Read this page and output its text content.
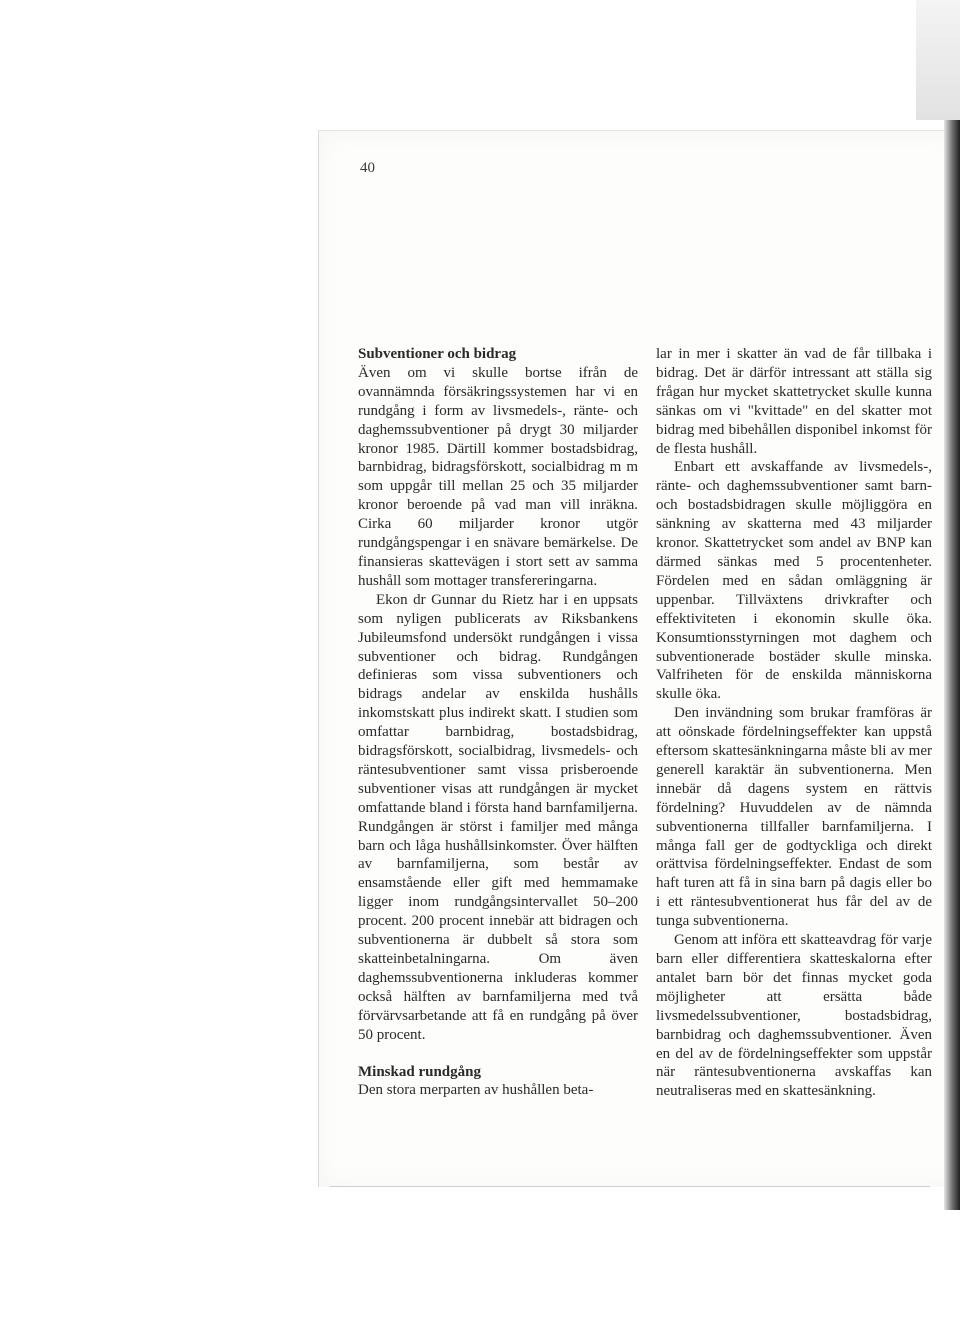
40

Subventioner och bidrag

Även om vi skulle bortse ifrån de ovannämnda försäkringssystemen har vi en rundgång i form av livsmedels-, ränte- och daghemssubventioner på drygt 30 miljarder kronor 1985. Därtill kommer bostadsbidrag, barnbidrag, bidragsförskott, socialbidrag m m som uppgår till mellan 25 och 35 miljarder kronor beroende på vad man vill inräkna. Cirka 60 miljarder kronor utgör rundgångspengar i en snävare bemärkelse. De finansieras skattevägen i stort sett av samma hushåll som mottager transfereringarna.

Ekon dr Gunnar du Rietz har i en uppsats som nyligen publicerats av Riksbankens Jubileumsfond undersökt rundgången i vissa subventioner och bidrag. Rundgången definieras som vissa subventioners och bidrags andelar av enskilda hushålls inkomstskatt plus indirekt skatt. I studien som omfattar barnbidrag, bostadsbidrag, bidragsförskott, socialbidrag, livsmedels- och räntesubventioner samt vissa prisberoende subventioner visas att rundgången är mycket omfattande bland i första hand barnfamiljerna. Rundgången är störst i familjer med många barn och låga hushållsinkomster. Över hälften av barnfamiljerna, som består av ensamstående eller gift med hemmamake ligger inom rundgångsintervallet 50–200 procent. 200 procent innebär att bidragen och subventionerna är dubbelt så stora som skatteinbetalningarna. Om även daghemssubventionerna inkluderas kommer också hälften av barnfamiljerna med två förvärvsarbetande att få en rundgång på över 50 procent.

Minskad rundgång

Den stora merparten av hushållen beta-

lar in mer i skatter än vad de får tillbaka i bidrag. Det är därför intressant att ställa sig frågan hur mycket skattetrycket skulle kunna sänkas om vi "kvittade" en del skatter mot bidrag med bibehållen disponibel inkomst för de flesta hushåll.

Enbart ett avskaffande av livsmedels-, ränte- och daghemssubventioner samt barn- och bostadsbidragen skulle möjliggöra en sänkning av skatterna med 43 miljarder kronor. Skattetrycket som andel av BNP kan därmed sänkas med 5 procentenheter. Fördelen med en sådan omläggning är uppenbar. Tillväxtens drivkrafter och effektiviteten i ekonomin skulle öka. Konsumtionsstyrningen mot daghem och subventionerade bostäder skulle minska. Valfriheten för de enskilda människorna skulle öka.

Den invändning som brukar framföras är att oönskade fördelningseffekter kan uppstå eftersom skattesänkningarna måste bli av mer generell karaktär än subventionerna. Men innebär då dagens system en rättvis fördelning? Huvuddelen av de nämnda subventionerna tillfaller barnfamiljerna. I många fall ger de godtyckliga och direkt orättvisa fördelningseffekter. Endast de som haft turen att få in sina barn på dagis eller bo i ett räntesubventionerat hus får del av de tunga subventionerna.

Genom att införa ett skatteavdrag för varje barn eller differentiera skatteskalorna efter antalet barn bör det finnas mycket goda möjligheter att ersätta både livsmedelssubventioner, bostadsbidrag, barnbidrag och daghemssubventioner. Även en del av de fördelningseffekter som uppstår när räntesubventionerna avskaffas kan neutraliseras med en skattesänkning.
